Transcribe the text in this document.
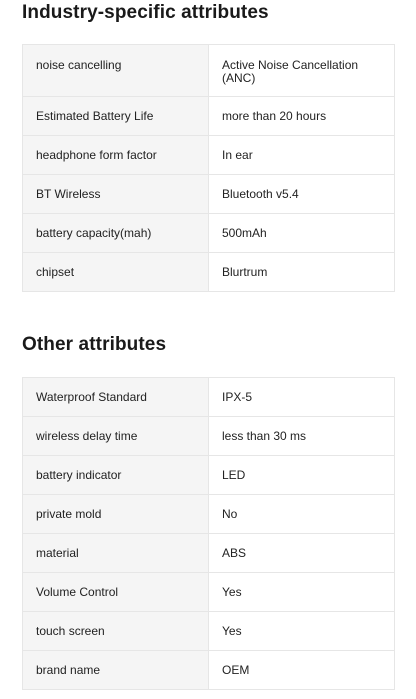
Industry-specific attributes
noise cancelling	Active Noise Cancellation (ANC)
Estimated Battery Life	more than 20 hours
headphone form factor	In ear
BT Wireless	Bluetooth v5.4
battery capacity(mah)	500mAh
chipset	Blurtrum
Other attributes
Waterproof Standard	IPX-5
wireless delay time	less than 30 ms
battery indicator	LED
private mold	No
material	ABS
Volume Control	Yes
touch screen	Yes
brand name	OEM
